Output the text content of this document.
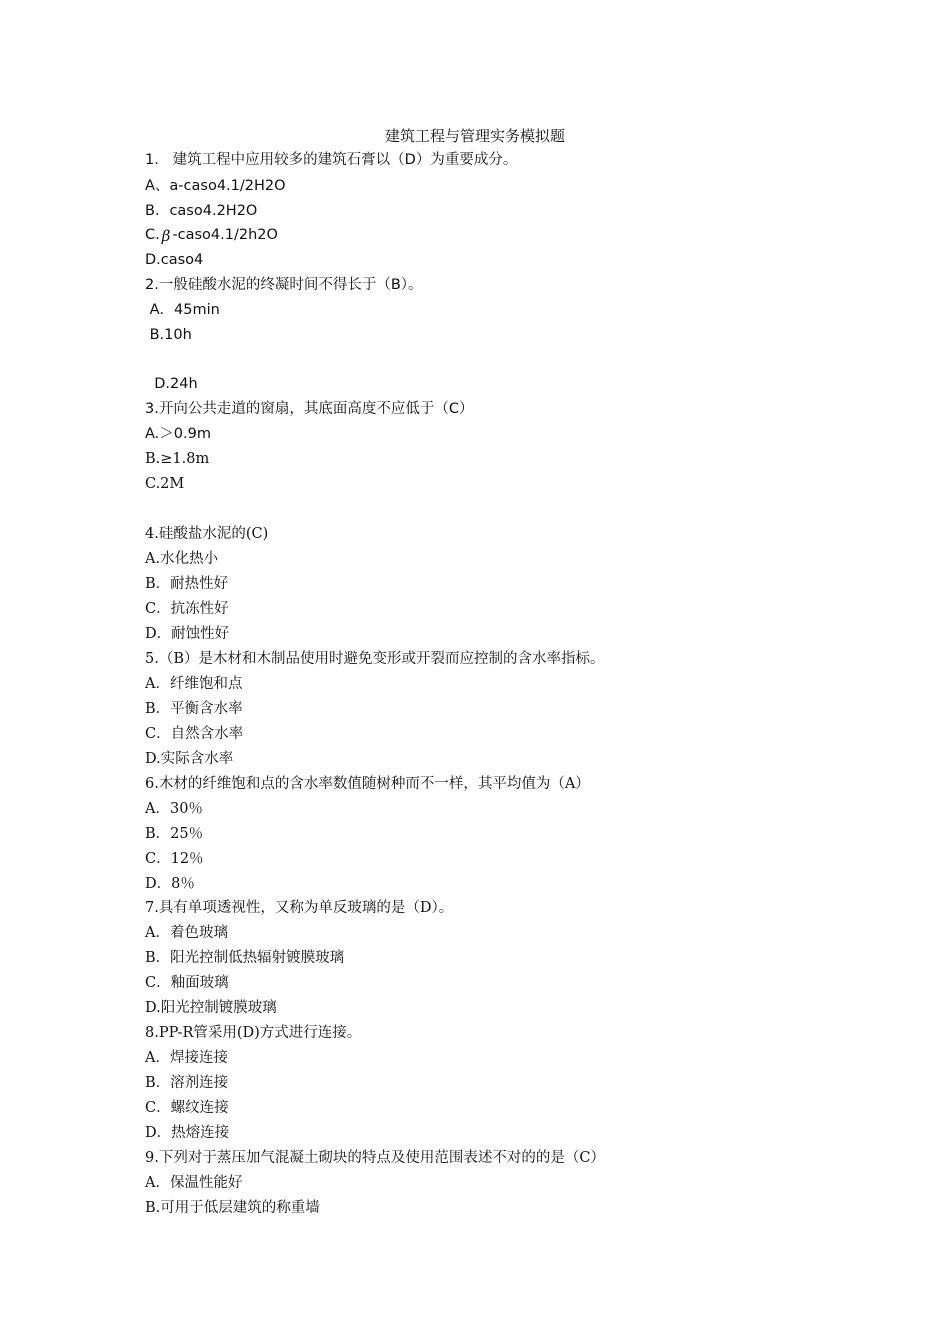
建筑工程与管理实务模拟题
1.   建筑工程中应用较多的建筑石膏以（D）为重要成分。
A、a-caso4.1/2H2O
B．caso4.2H2O
C. β -caso4.1/2h2O
D.caso4
2.一般硅酸水泥的终凝时间不得长于（B）。
A．45min
B.10h
D.24h
3.开向公共走道的窗扇，其底面高度不应低于（C）
A.＞0.9m
B.≥1.8m
C.2M
4.硅酸盐水泥的(C)
A.水化热小
B．耐热性好
C．抗冻性好
D．耐蚀性好
5.（B）是木材和木制品使用时避免变形或开裂而应控制的含水率指标。
A．纤维饱和点
B．平衡含水率
C．自然含水率
D.实际含水率
6.木材的纤维饱和点的含水率数值随树种而不一样，其平均值为（A）
A．30％
B．25％
C．12％
D．8％
7.具有单项透视性，又称为单反玻璃的是（D）。
A．着色玻璃
B．阳光控制低热辐射镀膜玻璃
C．釉面玻璃
D.阳光控制镀膜玻璃
8.PP-R管采用(D)方式进行连接。
A．焊接连接
B．溶剂连接
C．螺纹连接
D．热熔连接
9.下列对于蒸压加气混凝土砌块的特点及使用范围表述不对的的是（C）
A．保温性能好
B.可用于低层建筑的称重墙
